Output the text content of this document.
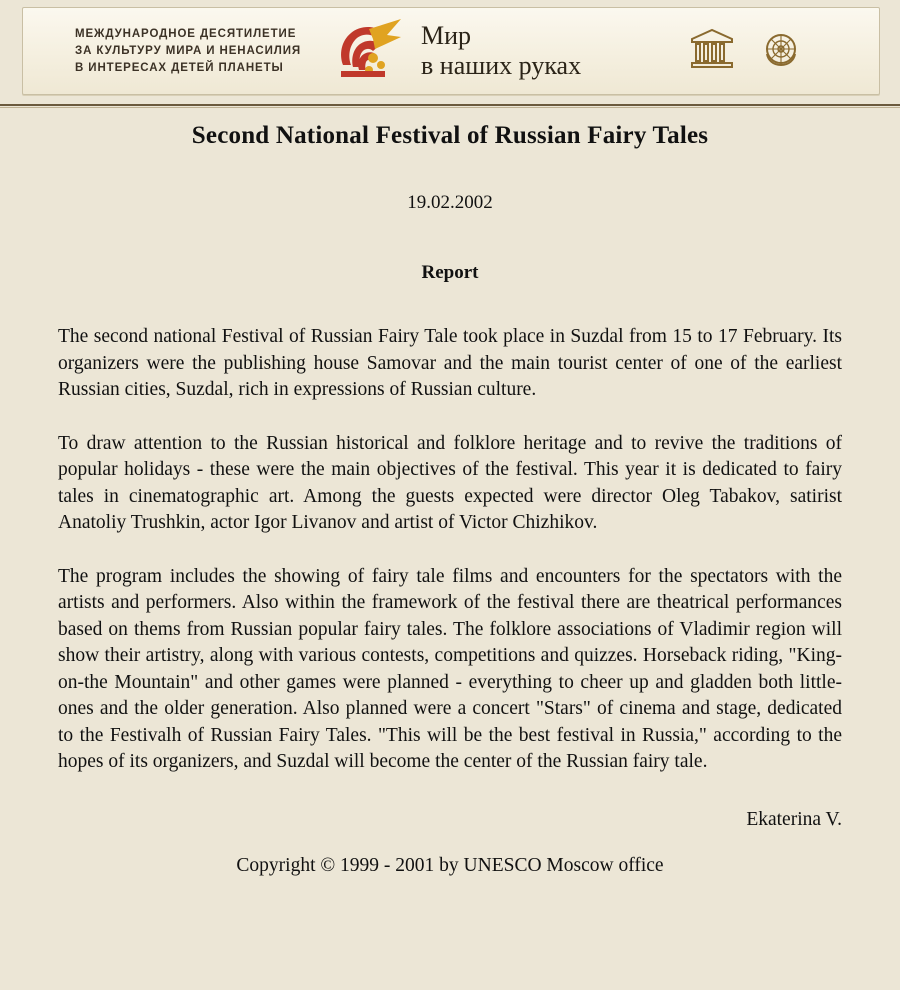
МЕЖДУНАРОДНОЕ ДЕСЯТИЛЕТИЕ
ЗА КУЛЬТУРУ МИРА И НЕНАСИЛИЯ
В ИНТЕРЕСАХ ДЕТЕЙ ПЛАНЕТЫ
Мир
в наших руках
Second National Festival of Russian Fairy Tales
19.02.2002
Report

The second national Festival of Russian Fairy Tale took place in Suzdal from 15 to 17 February. Its organizers were the publishing house Samovar and the main tourist center of one of the earliest Russian cities, Suzdal, rich in expressions of Russian culture.

To draw attention to the Russian historical and folklore heritage and to revive the traditions of popular holidays - these were the main objectives of the festival. This year it is dedicated to fairy tales in cinematographic art. Among the guests expected were director Oleg Tabakov, satirist Anatoliy Trushkin, actor Igor Livanov and artist of Victor Chizhikov.

The program includes the showing of fairy tale films and encounters for the spectators with the artists and performers. Also within the framework of the festival there are theatrical performances based on thems from Russian popular fairy tales. The folklore associations of Vladimir region will show their artistry, along with various contests, competitions and quizzes. Horseback riding, "King-on-the Mountain" and other games were planned - everything to cheer up and gladden both little-ones and the older generation. Also planned were a concert "Stars" of cinema and stage, dedicated to the Festivalh of Russian Fairy Tales. "This will be the best festival in Russia," according to the hopes of its organizers, and Suzdal will become the center of the Russian fairy tale.

Ekaterina V.
Copyright © 1999 - 2001 by UNESCO Moscow office
